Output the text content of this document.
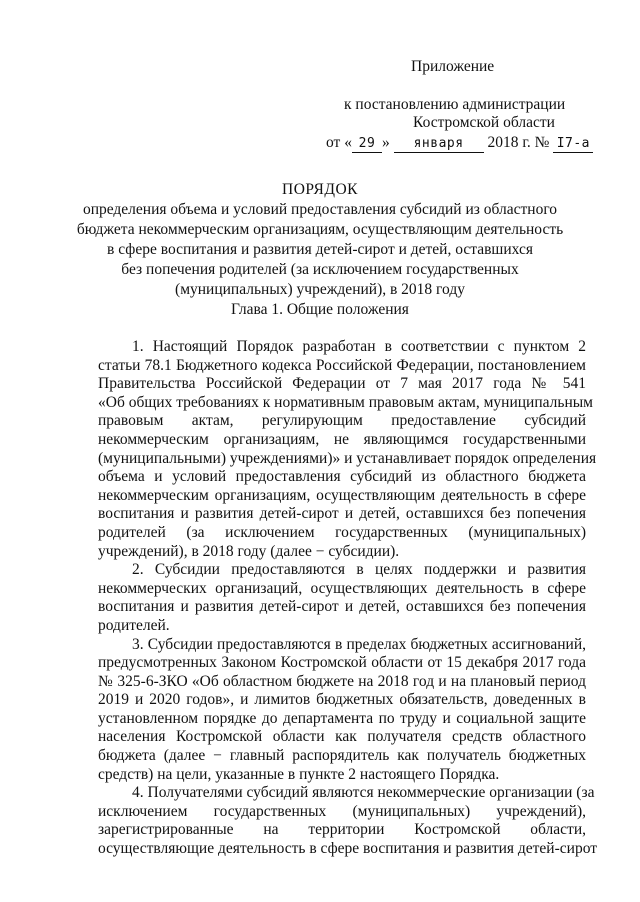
Приложение
к постановлению администрации
Костромской области
от « 29 » января 2018 г. № I7-а
ПОРЯДОК
определения объема и условий предоставления субсидий из областного
бюджета некоммерческим организациям, осуществляющим деятельность
в сфере воспитания и развития детей-сирот и детей, оставшихся
без попечения родителей (за исключением государственных
(муниципальных) учреждений), в 2018 году
Глава 1. Общие положения
1. Настоящий Порядок разработан в соответствии с пунктом 2
статьи 78.1 Бюджетного кодекса Российской Федерации, постановлением
Правительства Российской Федерации от 7 мая 2017 года № 541
«Об общих требованиях к нормативным правовым актам, муниципальным
правовым актам, регулирующим предоставление субсидий
некоммерческим организациям, не являющимся государственными
(муниципальными) учреждениями)» и устанавливает порядок определения
объема и условий предоставления субсидий из областного бюджета
некоммерческим организациям, осуществляющим деятельность в сфере
воспитания и развития детей-сирот и детей, оставшихся без попечения
родителей (за исключением государственных (муниципальных)
учреждений), в 2018 году (далее − субсидии).
2. Субсидии предоставляются в целях поддержки и развития
некоммерческих организаций, осуществляющих деятельность в сфере
воспитания и развития детей-сирот и детей, оставшихся без попечения
родителей.
3. Субсидии предоставляются в пределах бюджетных ассигнований,
предусмотренных Законом Костромской области от 15 декабря 2017 года
№ 325-6-ЗКО «Об областном бюджете на 2018 год и на плановый период
2019 и 2020 годов», и лимитов бюджетных обязательств, доведенных в
установленном порядке до департамента по труду и социальной защите
населения Костромской области как получателя средств областного
бюджета (далее − главный распорядитель как получатель бюджетных
средств) на цели, указанные в пункте 2 настоящего Порядка.
4. Получателями субсидий являются некоммерческие организации (за
исключением государственных (муниципальных) учреждений),
зарегистрированные на территории Костромской области,
осуществляющие деятельность в сфере воспитания и развития детей-сирот
